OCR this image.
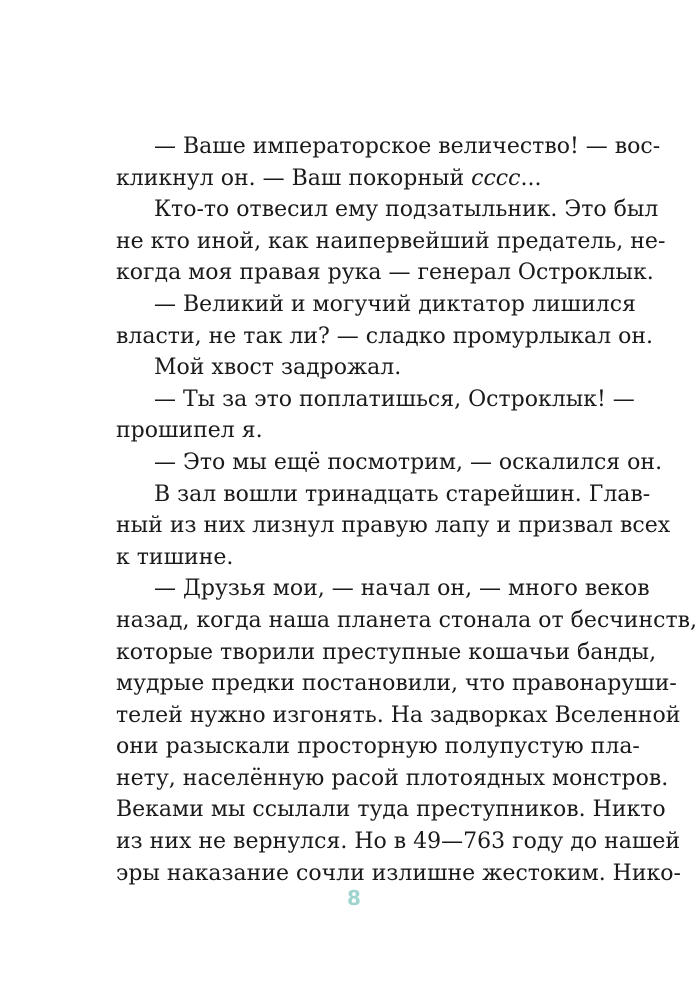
— Ваше императорское величество! — вос-
кликнул он. — Ваш покорный сссс...
Кто-то отвесил ему подзатыльник. Это был
не кто иной, как наипервейший предатель, не-
когда моя правая рука — генерал Остроклык.
— Великий и могучий диктатор лишился
власти, не так ли? — сладко промурлыкал он.
Мой хвост задрожал.
— Ты за это поплатишься, Остроклык! —
прошипел я.
— Это мы ещё посмотрим, — оскалился он.
В зал вошли тринадцать старейшин. Глав-
ный из них лизнул правую лапу и призвал всех
к тишине.
— Друзья мои, — начал он, — много веков
назад, когда наша планета стонала от бесчинств,
которые творили преступные кошачьи банды,
мудрые предки постановили, что правонаруши-
телей нужно изгонять. На задворках Вселенной
они разыскали просторную полупустую пла-
нету, населённую расой плотоядных монстров.
Веками мы ссылали туда преступников. Никто
из них не вернулся. Но в 49—763 году до нашей
эры наказание сочли излишне жестоким. Нико-
8
